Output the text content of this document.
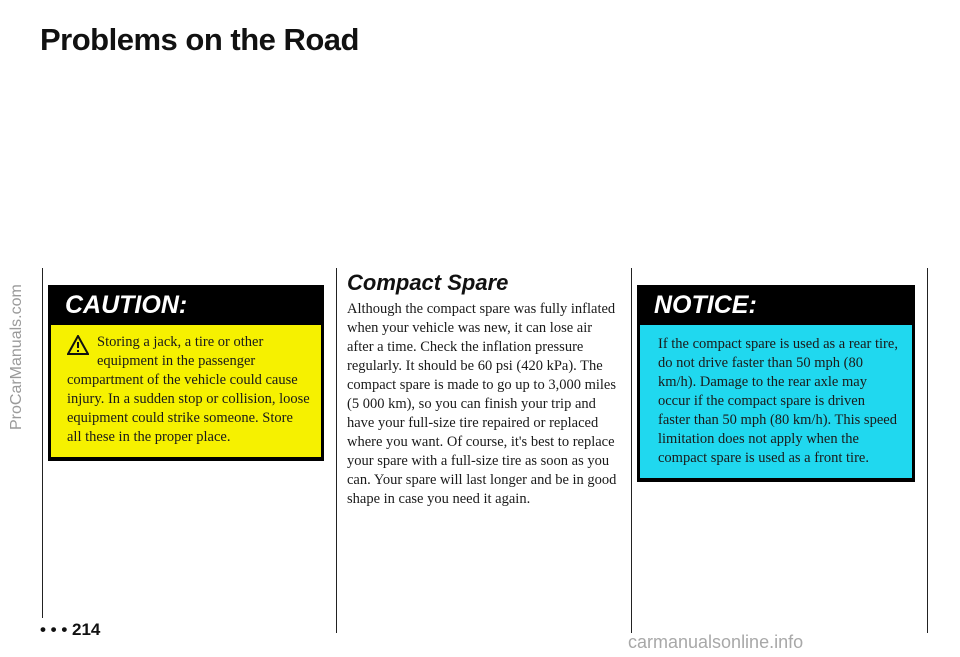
Problems on the Road
CAUTION:
Storing a jack, a tire or other equipment in the passenger compartment of the vehicle could cause injury. In a sudden stop or collision, loose equipment could strike someone. Store all these in the proper place.
Compact Spare

Although the compact spare was fully inflated when your vehicle was new, it can lose air after a time. Check the inflation pressure regularly. It should be 60 psi (420 kPa). The compact spare is made to go up to 3,000 miles (5 000 km), so you can finish your trip and have your full-size tire repaired or replaced where you want. Of course, it's best to replace your spare with a full-size tire as soon as you can. Your spare will last longer and be in good shape in case you need it again.

NOTICE:
If the compact spare is used as a rear tire, do not drive faster than 50 mph (80 km/h). Damage to the rear axle may occur if the compact spare is driven faster than 50 mph (80 km/h). This speed limitation does not apply when the compact spare is used as a front tire.
• • • 214
ProCarManuals.com
carmanualsonline.info
